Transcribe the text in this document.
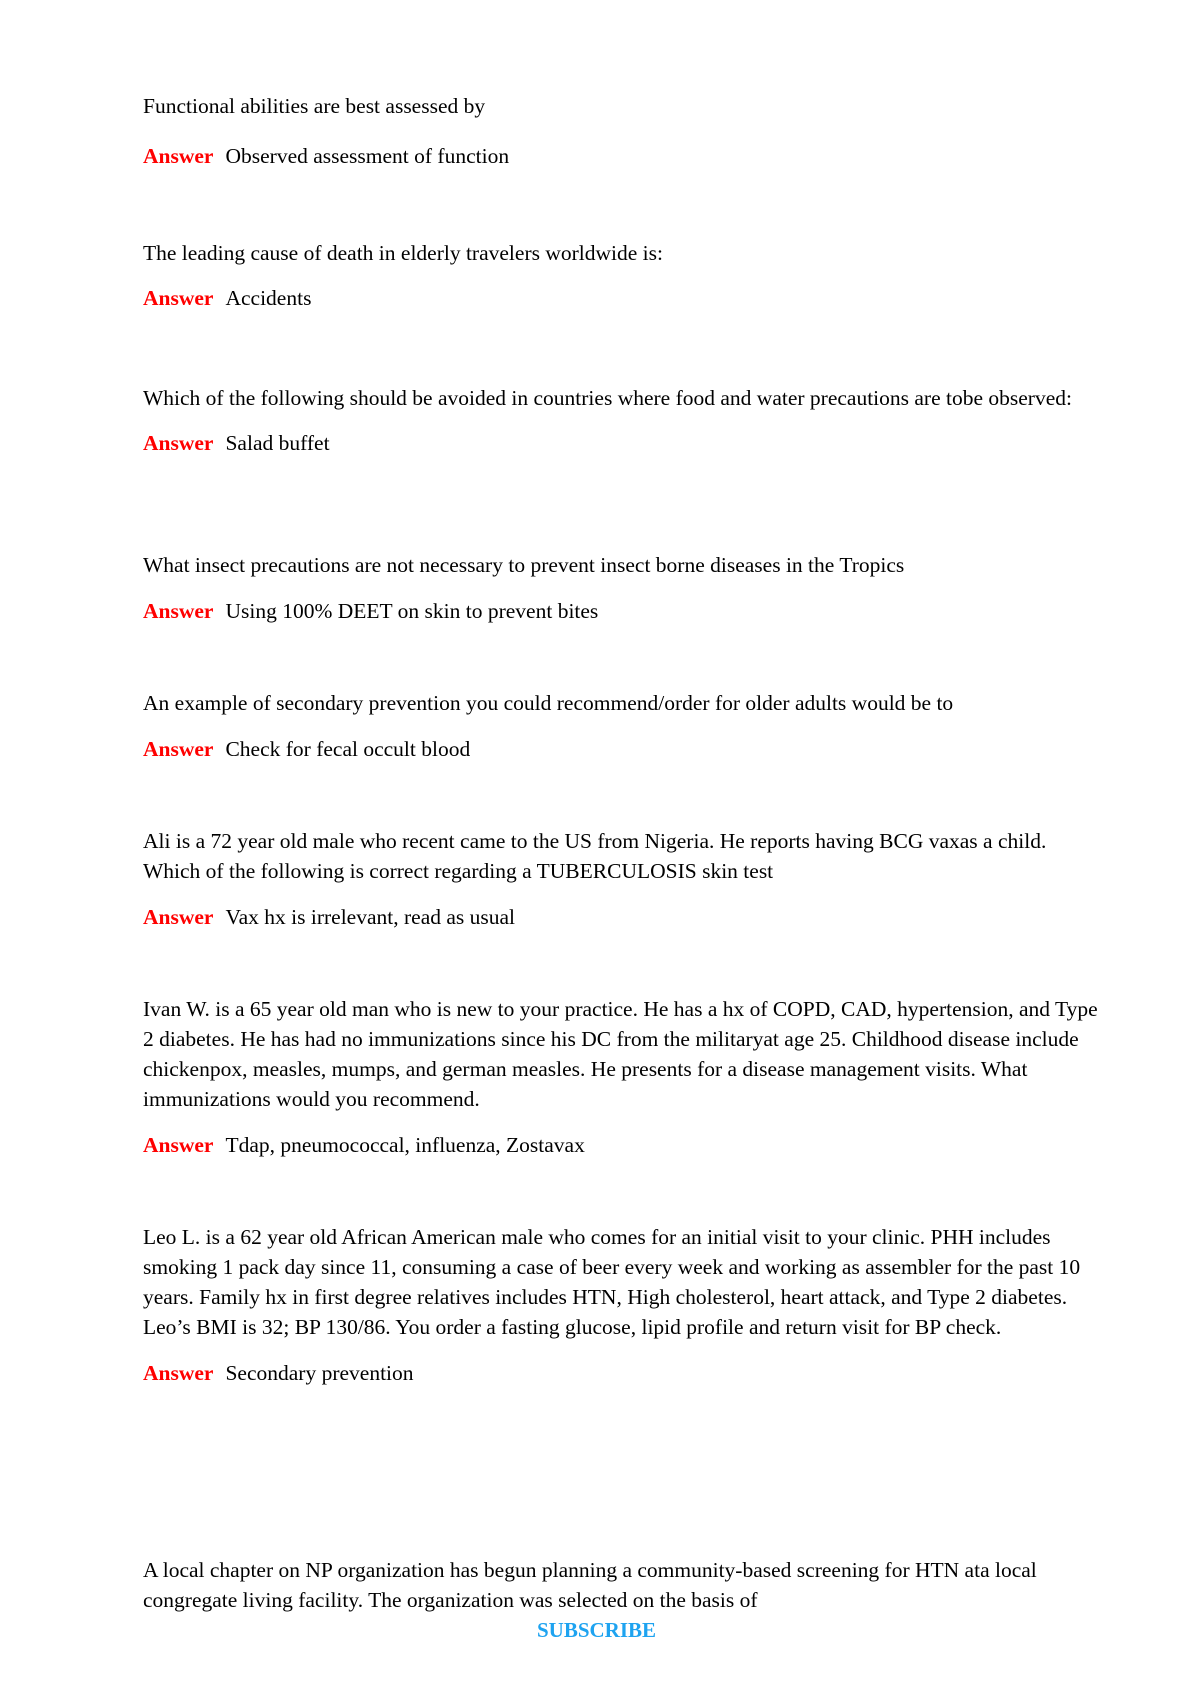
Functional abilities are best assessed by

Answer Observed assessment of function

The leading cause of death in elderly travelers worldwide is:

Answer Accidents

Which of the following should be avoided in countries where food and water precautions are tobe observed:

Answer Salad buffet

What insect precautions are not necessary to prevent insect borne diseases in the Tropics

Answer Using 100% DEET on skin to prevent bites

An example of secondary prevention you could recommend/order for older adults would be to

Answer Check for fecal occult blood

Ali is a 72 year old male who recent came to the US from Nigeria. He reports having BCG vaxas a child. Which of the following is correct regarding a TUBERCULOSIS skin test

Answer Vax hx is irrelevant, read as usual

Ivan W. is a 65 year old man who is new to your practice. He has a hx of COPD, CAD, hypertension, and Type 2 diabetes. He has had no immunizations since his DC from the militaryat age 25. Childhood disease include chickenpox, measles, mumps, and german measles. He presents for a disease management visits. What immunizations would you recommend.

Answer Tdap, pneumococcal, influenza, Zostavax

Leo L. is a 62 year old African American male who comes for an initial visit to your clinic. PHH includes smoking 1 pack day since 11, consuming a case of beer every week and working as assembler for the past 10 years. Family hx in first degree relatives includes HTN, High cholesterol, heart attack, and Type 2 diabetes. Leo’s BMI is 32; BP 130/86. You order a fasting glucose, lipid profile and return visit for BP check.

Answer Secondary prevention

A local chapter on NP organization has begun planning a community-based screening for HTN ata local congregate living facility. The organization was selected on the basis of

SUBSCRIBE
